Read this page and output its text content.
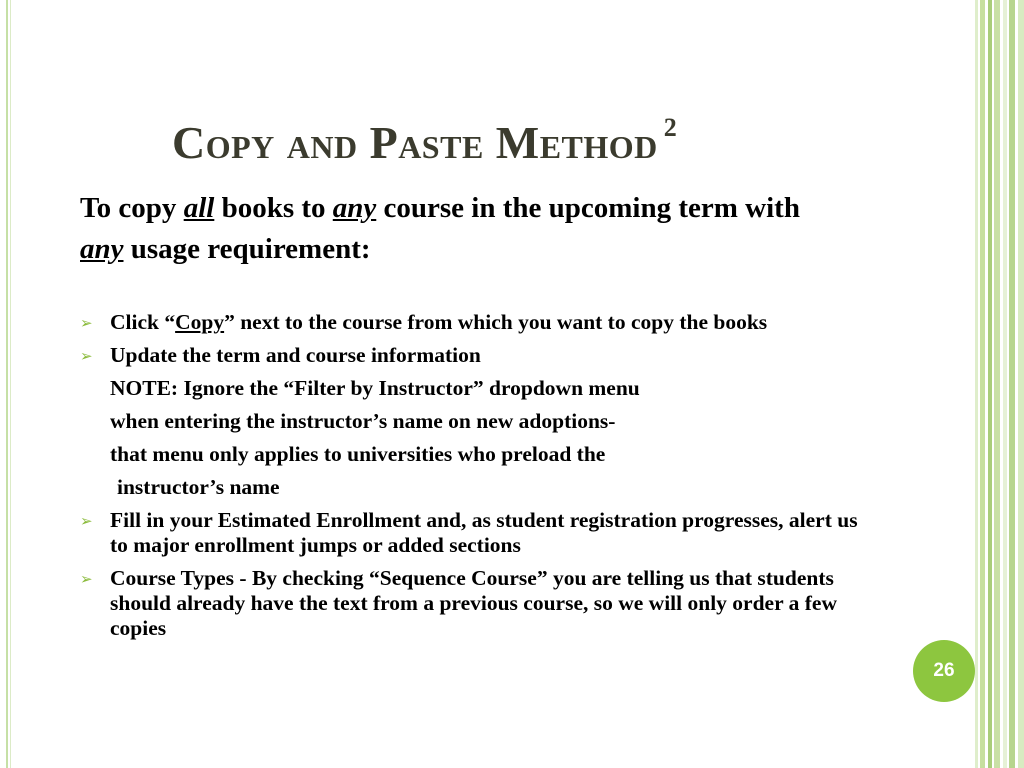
Copy and Paste Method $^2$
To copy all books to any course in the upcoming term with any usage requirement:
➢ Click “Copy” next to the course from which you want to copy the books
➢ Update the term and course information
NOTE: Ignore the “Filter by Instructor” dropdown menu
when entering the instructor’s name on new adoptions-
that menu only applies to universities who preload the
instructor’s name
➢ Fill in your Estimated Enrollment and, as student registration progresses, alert us to major enrollment jumps or added sections
➢ Course Types - By checking “Sequence Course” you are telling us that students should already have the text from a previous course, so we will only order a few copies
26
